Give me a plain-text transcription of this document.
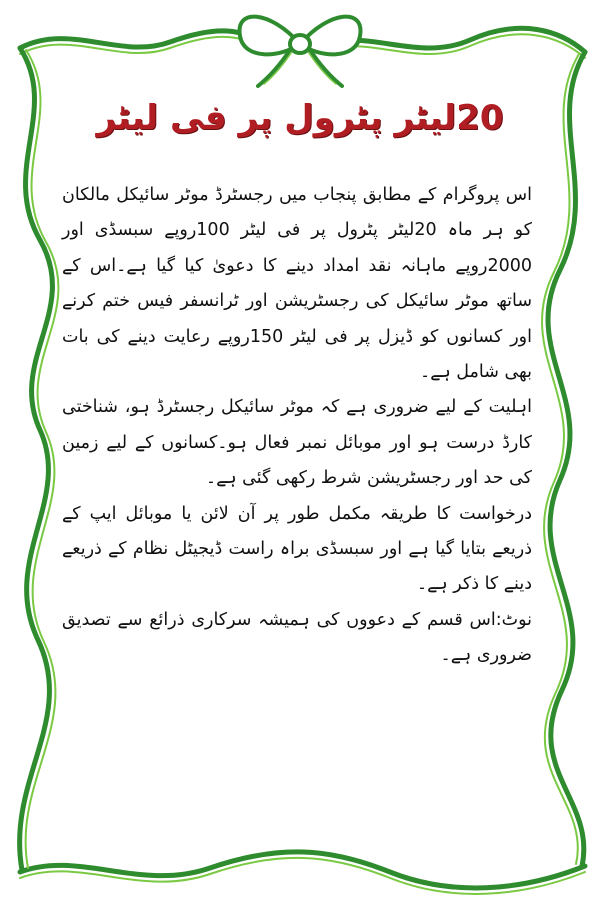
20لیٹر پٹرول پر فی لیٹر

اس پروگرام کے مطابق پنجاب میں رجسٹرڈ موٹر سائیکل مالکان کو ہر ماہ 20لیٹر پٹرول پر فی لیٹر 100روپے سبسڈی اور 2000روپے ماہانہ نقد امداد دینے کا دعویٰ کیا گیا ہے۔اس کے ساتھ موٹر سائیکل کی رجسٹریشن اور ٹرانسفر فیس ختم کرنے اور کسانوں کو ڈیزل پر فی لیٹر 150روپے رعایت دینے کی بات بھی شامل ہے۔

اہلیت کے لیے ضروری ہے کہ موٹر سائیکل رجسٹرڈ ہو، شناختی کارڈ درست ہو اور موبائل نمبر فعال ہو۔کسانوں کے لیے زمین کی حد اور رجسٹریشن شرط رکھی گئی ہے۔

درخواست کا طریقہ مکمل طور پر آن لائن یا موبائل ایپ کے ذریعے بتایا گیا ہے اور سبسڈی براہ راست ڈیجیٹل نظام کے ذریعے دینے کا ذکر ہے۔

نوٹ:اس قسم کے دعووں کی ہمیشہ سرکاری ذرائع سے تصدیق ضروری ہے۔
